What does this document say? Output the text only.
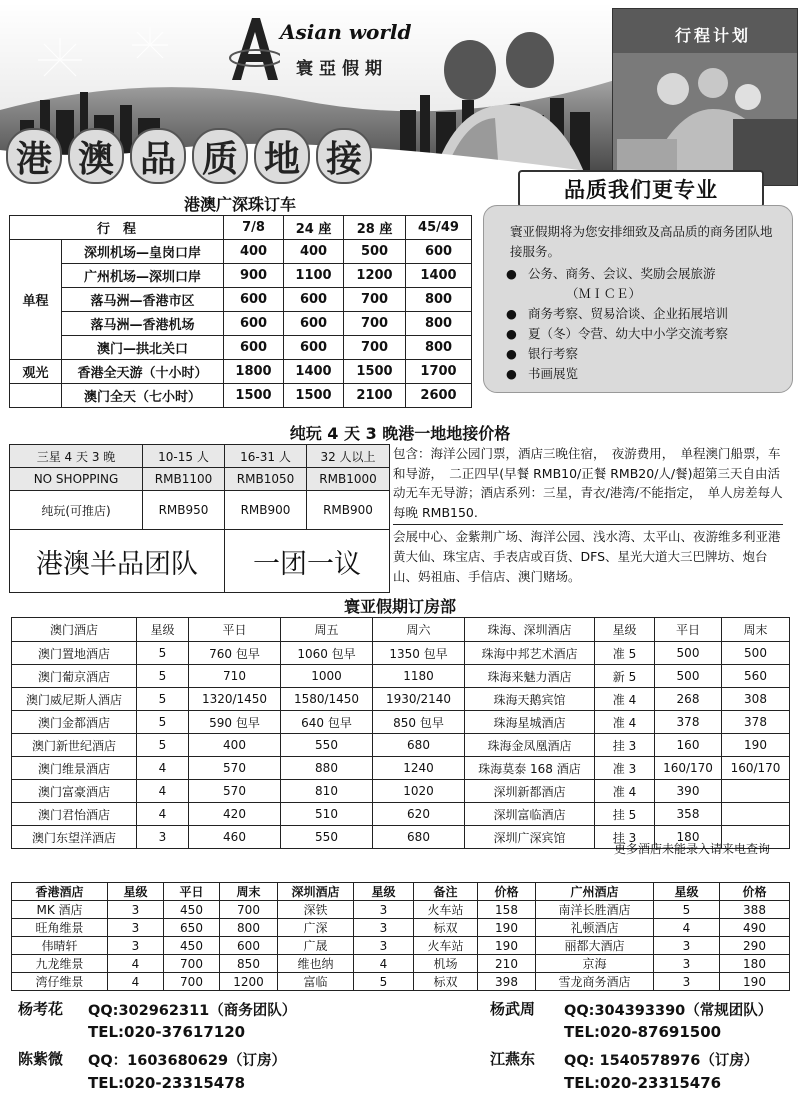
Asian world
寰亞假期
港 澳 品 质 地 接
行程计划
品质我们更专业
港澳广深珠订车
行　程		7/8	24 座	28 座	45/49
单程	深圳机场—皇岗口岸	400	400	500	600
	广州机场—深圳口岸	900	1100	1200	1400
	落马洲—香港市区	600	600	700	800
	落马洲—香港机场	600	600	700	800
	澳门—拱北关口	600	600	700	800
观光	香港全天游（十小时）	1800	1400	1500	1700
	澳门全天（七小时）	1500	1500	2100	2600
寰亚假期将为您安排细致及高品质的商务团队地接服务。
● 公务、商务、会议、奖励会展旅游
（ＭＩＣＥ）
● 商务考察、贸易洽谈、企业拓展培训
● 夏（冬）令营、幼大中小学交流考察
● 银行考察
● 书画展览
纯玩 4 天 3 晚港一地地接价格
三星 4 天 3 晚	10-15 人	16-31 人	32 人以上
NO SHOPPING	RMB1100	RMB1050	RMB1000
纯玩(可推店)	RMB950	RMB900	RMB900
港澳半品团队		一团一议	
包含：海洋公园门票，酒店三晚住宿，　夜游费用，　单程澳门船票，车和导游，　二正四早(早餐 RMB10/正餐 RMB20/人/餐)超第三天自由活动无车无导游；酒店系列：三星，青衣/港湾/不能指定，　单人房差每人每晚 RMB150.
会展中心、金紫荆广场、海洋公园、浅水湾、太平山、夜游维多利亚港黄大仙、珠宝店、手表店或百货、DFS、星光大道大三巴牌坊、炮台山、妈祖庙、手信店、澳门赌场。
寰亚假期订房部
澳门酒店	星级	平日	周五	周六	珠海、深圳酒店	星级	平日	周末
澳门置地酒店	5	760 包早	1060 包早	1350 包早	珠海中邦艺术酒店	准 5	500	500
澳门葡京酒店	5	710	1000	1180	珠海来魅力酒店	新 5	500	560
澳门威尼斯人酒店	5	1320/1450	1580/1450	1930/2140	珠海天鹅宾馆	准 4	268	308
澳门金都酒店	5	590 包早	640 包早	850 包早	珠海星城酒店	准 4	378	378
澳门新世纪酒店	5	400	550	680	珠海金凤凰酒店	挂 3	160	190
澳门维景酒店	4	570	880	1240	珠海莫泰 168 酒店	准 3	160/170	160/170
澳门富豪酒店	4	570	810	1020	深圳新都酒店	准 4	390	
澳门君怡酒店	4	420	510	620	深圳富临酒店	挂 5	358	
澳门东望洋酒店	3	460	550	680	深圳广深宾馆	挂 3	180	
更多酒店未能录入请来电查询
香港酒店	星级	平日	周末	深圳酒店	星级	备注	价格	广州酒店	星级	价格
MK 酒店	3	450	700	深铁	3	火车站	158	南洋长胜酒店	5	388
旺角维景	3	650	800	广深	3	标双	190	礼顿酒店	4	490
伟晴轩	3	450	600	广晟	3	火车站	190	丽都大酒店	3	290
九龙维景	4	700	850	维也纳	4	机场	210	京海	3	180
湾仔维景	4	700	1200	富临	5	标双	398	雪龙商务酒店	3	190
杨考花 QQ:302962311（商务团队）
TEL:020-37617120
杨武周 QQ:304393390（常规团队）
TEL:020-87691500
陈紫微 QQ：1603680629（订房）
TEL:020-23315478
江燕东 QQ: 1540578976（订房）
TEL:020-23315476
